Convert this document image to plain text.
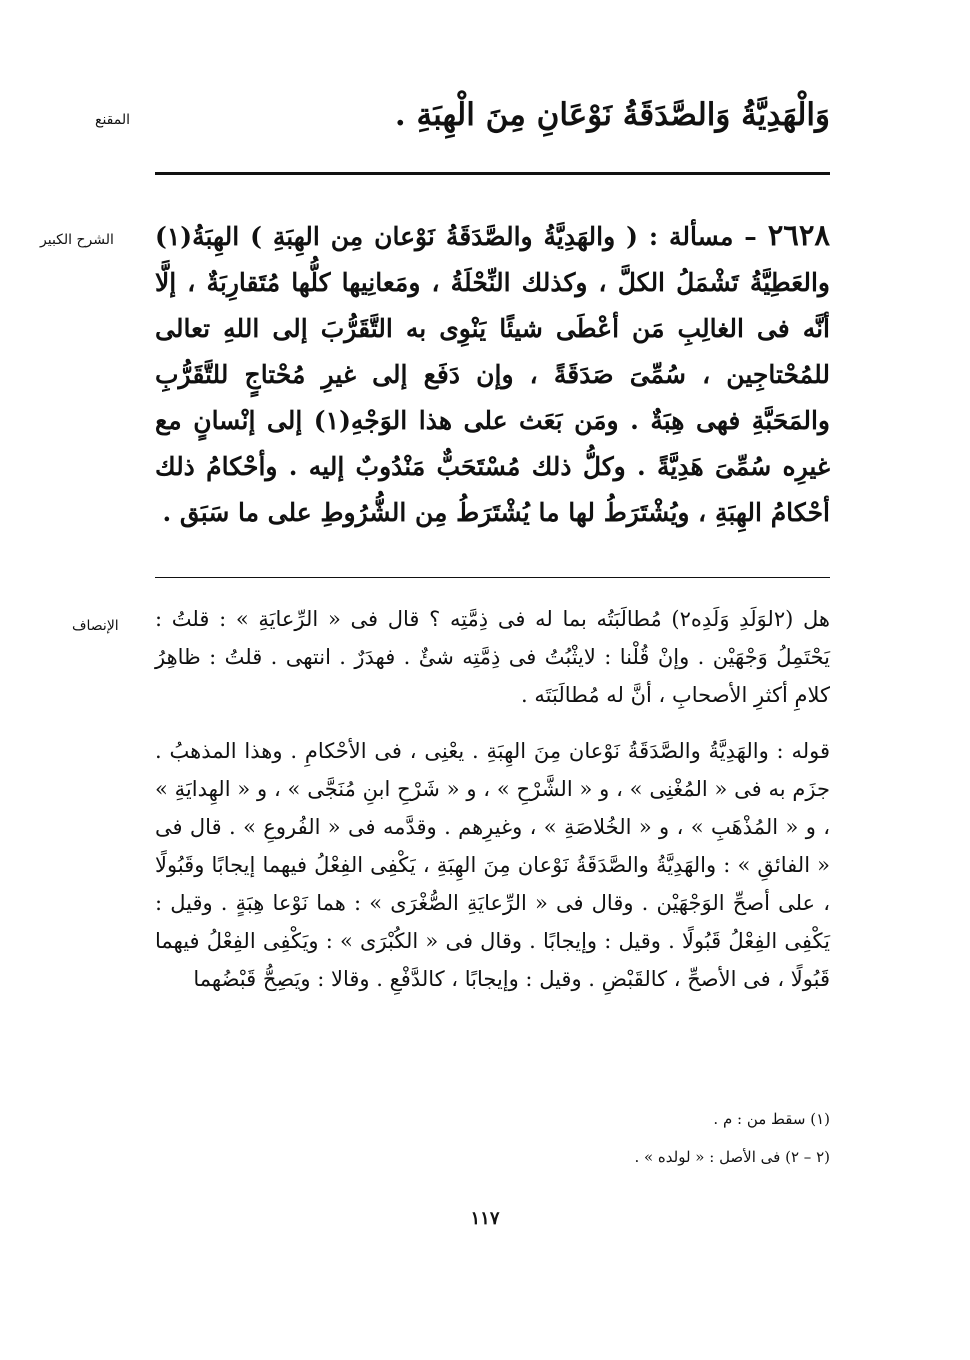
المقنع	وَالْهَدِيَّةُ وَالصَّدَقَةُ نَوْعَانِ مِنَ الْهِبَةِ .
الشرح الكبير	٢٦٢٨ – مسألة : ( والهَدِيَّةُ والصَّدَقَةُ نَوْعان مِن الهِبَةِ ) الهِبَةُ(١) والعَطِيَّةُ تَشْمَلُ الكلَّ ، وكذلك النِّحْلَةُ ، ومَعانِيها كلُّها مُتَقارِبَةٌ ، إلَّا أنَّه فى الغالِبِ مَن أعْطَى شيئًا يَنْوِى به التَّقَرُّبَ إلى اللهِ تعالى للمُحْتاجِين ، سُمِّىَ صَدَقَةً ، وإن دَفَع إلى غيرِ مُحْتاجٍ للتَّقَرُّبِ والمَحَبَّةِ فهى هِبَةٌ . ومَن بَعَث على هذا الوَجْهِ(١) إلى إنْسانٍ مع غيرِه سُمِّىَ هَدِيَّةً . وكلُّ ذلك مُسْتَحَبٌّ مَنْدُوبٌ إليه . وأحْكامُ ذلك أحْكامُ الهِبَةِ ، ويُشْتَرَطُ لها ما يُشْتَرَطُ مِن الشُّرُوطِ على ما سَبَق .
الإنصاف هل (٢لوَلَدِ وَلَدِه٢) مُطالَبَتُه بما له فى ذِمَّتِه ؟ قال فى « الرِّعايَةِ » : قلتُ : يَحْتَمِلُ وَجْهَيْن . وإنْ قُلْنا : لايثْبُتُ فى ذِمَّتِه شئٌ . فهدَرٌ . انتهى . قلتُ : ظاهِرُ كلامِ أكثرِ الأصحابِ ، أنَّ له مُطالَبَتَه .

قوله : والهَدِيَّةُ والصَّدَقَةُ نَوْعان مِنَ الهِبَةِ . يعْنِى ، فى الأحْكامِ . وهذا المذهبُ . جزَم به فى « المُغْنِى » ، و « الشَّرْحِ » ، و « شَرْحِ ابنِ مُنَجَّى » ، و « الهِدايَةِ » ، و « المُذْهَبِ » ، و « الخُلاصَةِ » ، وغيرِهم . وقدَّمه فى « الفُروعِ » . قال فى « الفائقِ » : والهَدِيَّةُ والصَّدَقَةُ نَوْعان مِنَ الهِبَةِ ، يَكْفِى الفِعْلُ فيهما إيجابًا وقَبُولًا ، على أصحِّ الوَجْهَيْن . وقال فى « الرِّعايَةِ الصُّغْرَى » : هما نَوْعا هِبَةٍ . وقيل : يَكْفِى الفِعْلُ قَبُولًا . وقيل : وإيجابًا . وقال فى « الكُبْرَى » : ويَكْفِى الفِعْلُ فيهما قَبُولًا ، فى الأصحِّ ، كالقَبْضِ . وقيل : وإيجابًا ، كالدَّفْعِ . وقالا : ويَصِحُّ قَبْضُهما

(١) سقط من : م .
(٢ – ٢) فى الأصل : « لولده » .
١١٧
